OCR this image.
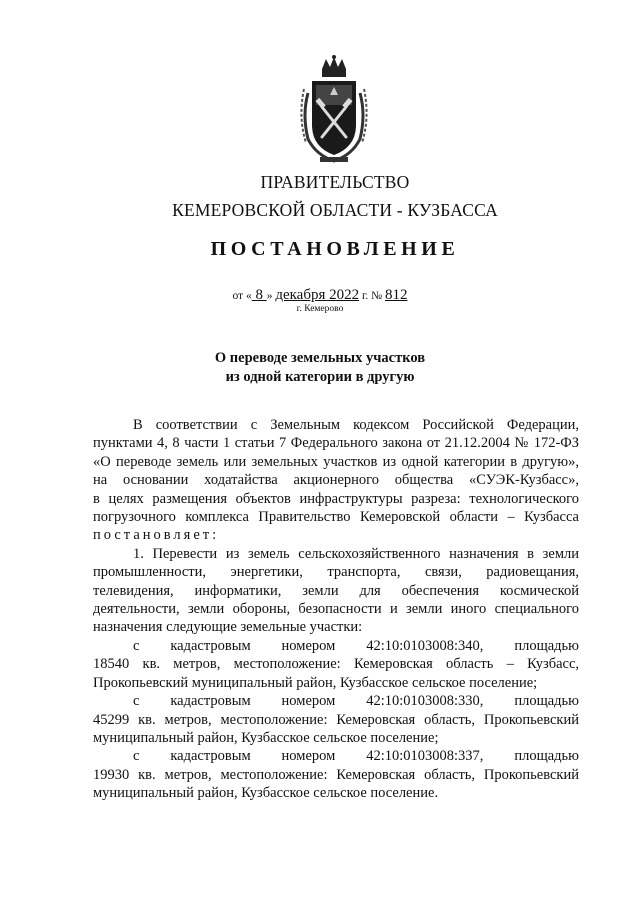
ПРАВИТЕЛЬСТВО
КЕМЕРОВСКОЙ ОБЛАСТИ - КУЗБАССА
ПОСТАНОВЛЕНИЕ
от « 8 » декабря 2022 г. № 812
г. Кемерово
О переводе земельных участков
из одной категории в другую

В соответствии с Земельным кодексом Российской Федерации,

пунктами 4, 8 части 1 статьи 7 Федерального закона от 21.12.2004 № 172-ФЗ

«О переводе земель или земельных участков из одной категории в другую»,

на основании ходатайства акционерного общества «СУЭК-Кузбасс»,

в целях размещения объектов инфраструктуры разреза: технологического

погрузочного комплекса Правительство Кемеровской области – Кузбасса

постановляет:

1. Перевести из земель сельскохозяйственного назначения в земли

промышленности, энергетики, транспорта, связи, радиовещания,

телевидения, информатики, земли для обеспечения космической

деятельности, земли обороны, безопасности и земли иного специального

назначения следующие земельные участки:

с кадастровым номером 42:10:0103008:340, площадью

18540 кв. метров, местоположение: Кемеровская область – Кузбасс,

Прокопьевский муниципальный район, Кузбасское сельское поселение;

с кадастровым номером 42:10:0103008:330, площадью

45299 кв. метров, местоположение: Кемеровская область, Прокопьевский

муниципальный район, Кузбасское сельское поселение;

с кадастровым номером 42:10:0103008:337, площадью

19930 кв. метров, местоположение: Кемеровская область, Прокопьевский

муниципальный район, Кузбасское сельское поселение.
